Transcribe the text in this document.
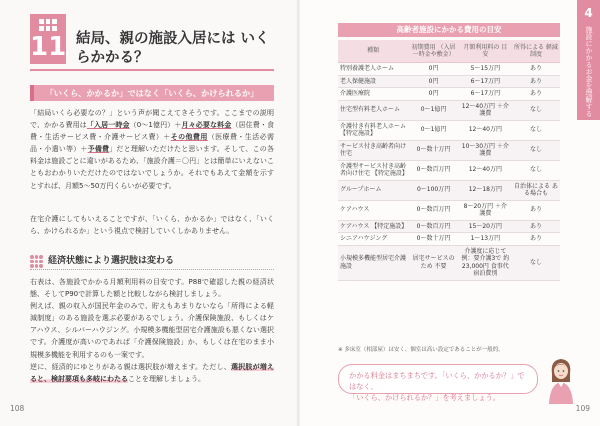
11 結局、親の施設入居には いくらかかる？
「いくら、かかるか」ではなく「いくら、かけられるか」
「結局いくら必要なの？」という声が聞こえてきそうです。ここまでの説明で、かかる費用は「入居一時金（0〜1億円）＋月々必要な料金（居住費・食費・生活サービス費・介護サービス費）＋その他費用（医療費・生活必需品・小遣い等）＋予備費」だと理解いただけたと思います。そして、この各料金は施設ごとに違いがあるため、「施設介護＝〇円」とは簡単にいえないこともおわかりいただけたのではないでしょうか。それでもあえて金額を示すとすれば、月額5〜50万円くらいが必要です。
在宅介護にしてもいえることですが、「いくら、かかるか」ではなく、「いくら、かけられるか」という視点で検討していくしかありません。
経済状態により選択肢は変わる
右表は、各施設でかかる月額利用料の目安です。P88で確認した親の経済状態、そしてP90で計算した額と比較しながら検討しましょう。
例えば、親の収入が国民年金のみで、貯えもあまりないなら「所得による軽減制度」のある施設を選ぶ必要があるでしょう。介護保険施設、もしくはケアハウス、シルバーハウジング。小規模多機能型居宅介護施設も悪くない選択です。介護度が高いのであれば「介護保険施設」か、もしくは在宅のまま小規模多機能を利用するのも一案です。
逆に、経済的にゆとりがある親は選択肢が増えます。ただし、選択肢が増えると、検討要項も多岐にわたることを理解しましょう。
108	109
4
施設にかかるお金を理解する
高齢者施設にかかる費用の目安
種類	初期費用 （入居一時金や敷金）	月額利用料の 目安	所得による 軽減制度
特別養護老人ホーム	0円	5〜15万円	あり
老人保健施設	0円	6〜17万円	あり
介護医療院	0円	6〜17万円	あり
住宅型有料老人ホーム	0〜1億円	12〜40万円 ＋介護費	なし
介護付き有料老人ホーム 【特定施設】	0〜1億円	12〜40万円	なし
サービス付き高齢者向け住宅	0〜数十万円	10〜30万円 ＋介護費	なし
介護型サービス付き高齢者向け住宅 【特定施設】	0〜数百万円	12〜40万円	なし
グループホーム	0〜100万円	12〜18万円	自治体による ある場合も
ケアハウス	0〜数百万円	8〜20万円 ＋介護費	あり
ケアハウス 【特定施設】	0〜数百万円	15〜20万円	あり
シニアハウジング	0〜数十万円	1〜13万円	あり
小規模多機能型居宅介護施設	居宅サービスのため 不要	介護度に応じて 例：要介護3で 約23,000円 食事代宿泊費別	なし
※ 多床室（相部屋）は安く、個室は高い設定であることが一般的。
かかる料金はまちまちです。「いくら、かかるか？」ではなく、
「いくら、かけられるか？」を考えましょう。
